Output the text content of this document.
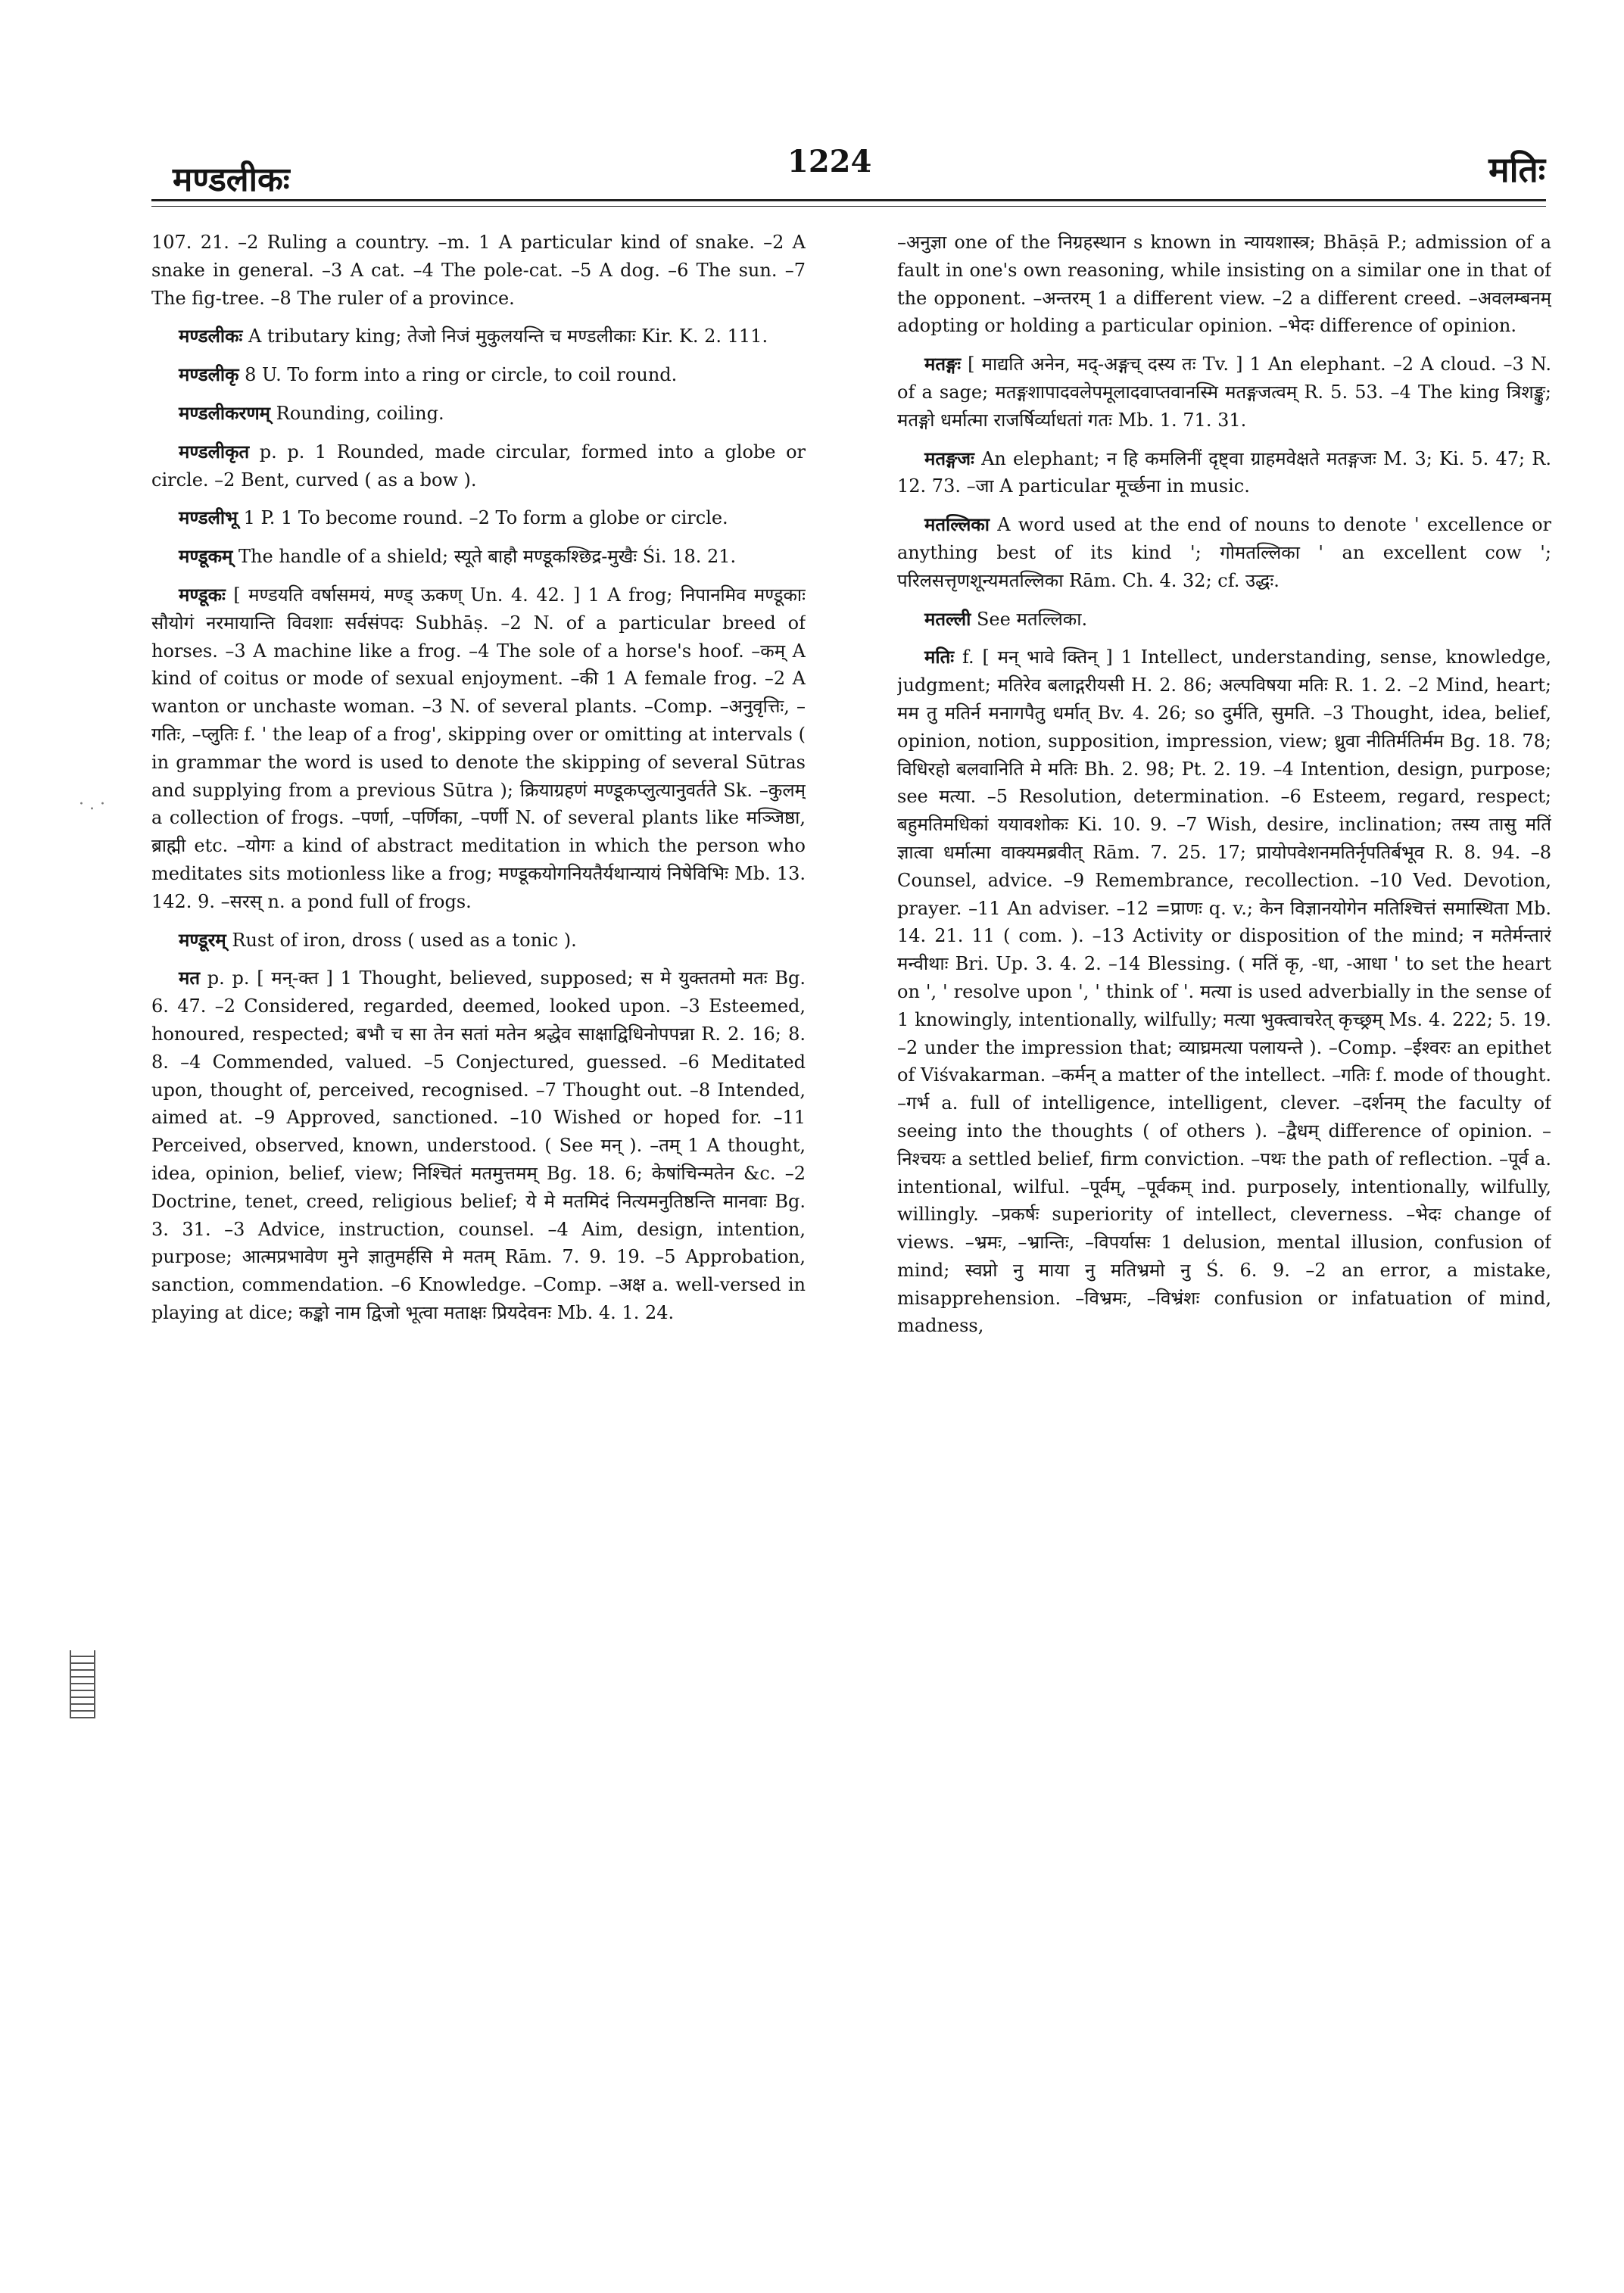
मण्डलीकः	1224	मतिः
· . ·

107. 21. –2 Ruling a country. –m. 1 A particular kind of snake. –2 A snake in general. –3 A cat. –4 The pole-cat. –5 A dog. –6 The sun. –7 The fig-tree. –8 The ruler of a province.

मण्डलीकः A tributary king; तेजो निजं मुकुलयन्ति च मण्डलीकाः Kir. K. 2. 111.

मण्डलीकृ 8 U. To form into a ring or circle, to coil round.

मण्डलीकरणम् Rounding, coiling.

मण्डलीकृत p. p. 1 Rounded, made circular, formed into a globe or circle. –2 Bent, curved ( as a bow ).

मण्डलीभू 1 P. 1 To become round. –2 To form a globe or circle.

मण्डूकम् The handle of a shield; स्यूते बाहौ मण्डूकश्छिद्र-मुखैः Śi. 18. 21.

मण्डूकः [ मण्डयति वर्षासमयं, मण्ड् ऊकण् Un. 4. 42. ] 1 A frog; निपानमिव मण्डूकाः सौयोगं नरमायान्ति विवशाः सर्वसंपदः Subhāṣ. –2 N. of a particular breed of horses. –3 A machine like a frog. –4 The sole of a horse's hoof. –कम् A kind of coitus or mode of sexual enjoyment. –की 1 A female frog. –2 A wanton or unchaste woman. –3 N. of several plants. –Comp. –अनुवृत्तिः, –गतिः, –प्लुतिः f. ' the leap of a frog', skipping over or omitting at intervals ( in grammar the word is used to denote the skipping of several Sūtras and supplying from a previous Sūtra ); क्रियाग्रहणं मण्डूकप्लुत्यानुवर्तते Sk. –कुलम् a collection of frogs. –पर्णा, –पर्णिका, –पर्णी N. of several plants like मञ्जिष्ठा, ब्राह्मी etc. –योगः a kind of abstract meditation in which the person who meditates sits motionless like a frog; मण्डूकयोगनियतैर्यथान्यायं निषेविभिः Mb. 13. 142. 9. –सरस् n. a pond full of frogs.

मण्डूरम् Rust of iron, dross ( used as a tonic ).

मत p. p. [ मन्-क्त ] 1 Thought, believed, supposed; स मे युक्ततमो मतः Bg. 6. 47. –2 Considered, regarded, deemed, looked upon. –3 Esteemed, honoured, respected; बभौ च सा तेन सतां मतेन श्रद्धेव साक्षाद्विधिनोपपन्ना R. 2. 16; 8. 8. –4 Commended, valued. –5 Conjectured, guessed. –6 Meditated upon, thought of, perceived, recognised. –7 Thought out. –8 Intended, aimed at. –9 Approved, sanctioned. –10 Wished or hoped for. –11 Perceived, observed, known, understood. ( See मन् ). –तम् 1 A thought, idea, opinion, belief, view; निश्चितं मतमुत्तमम् Bg. 18. 6; केषांचिन्मतेन &c. –2 Doctrine, tenet, creed, religious belief; ये मे मतमिदं नित्यमनुतिष्ठन्ति मानवाः Bg. 3. 31. –3 Advice, instruction, counsel. –4 Aim, design, intention, purpose; आत्मप्रभावेण मुने ज्ञातुमर्हसि मे मतम् Rām. 7. 9. 19. –5 Approbation, sanction, commendation. –6 Knowledge. –Comp. –अक्ष a. well-versed in playing at dice; कङ्को नाम द्विजो भूत्वा मताक्षः प्रियदेवनः Mb. 4. 1. 24.

–अनुज्ञा one of the निग्रहस्थान s known in न्यायशास्त्र; Bhāṣā P.; admission of a fault in one's own reasoning, while insisting on a similar one in that of the opponent. –अन्तरम् 1 a different view. –2 a different creed. –अवलम्बनम् adopting or holding a particular opinion. –भेदः difference of opinion.

मतङ्गः [ माद्यति अनेन, मद्-अङ्गच् दस्य तः Tv. ] 1 An elephant. –2 A cloud. –3 N. of a sage; मतङ्गशापादवलेपमूलादवाप्तवानस्मि मतङ्गजत्वम् R. 5. 53. –4 The king त्रिशङ्कु; मतङ्गो धर्मात्मा राजर्षिर्व्याधतां गतः Mb. 1. 71. 31.

मतङ्गजः An elephant; न हि कमलिनीं दृष्ट्वा ग्राहमवेक्षते मतङ्गजः M. 3; Ki. 5. 47; R. 12. 73. –जा A particular मूर्च्छना in music.

मतल्लिका A word used at the end of nouns to denote ' excellence or anything best of its kind '; गोमतल्लिका ' an excellent cow '; परिलसत्तृणशून्यमतल्लिका Rām. Ch. 4. 32; cf. उद्धः.

मतल्ली See मतल्लिका.

मतिः f. [ मन् भावे क्तिन् ] 1 Intellect, understanding, sense, knowledge, judgment; मतिरेव बलाद्गरीयसी H. 2. 86; अल्पविषया मतिः R. 1. 2. –2 Mind, heart; मम तु मतिर्न मनागपैतु धर्मात् Bv. 4. 26; so दुर्मति, सुमति. –3 Thought, idea, belief, opinion, notion, supposition, impression, view; ध्रुवा नीतिर्मतिर्मम Bg. 18. 78; विधिरहो बलवानिति मे मतिः Bh. 2. 98; Pt. 2. 19. –4 Intention, design, purpose; see मत्या. –5 Resolution, determination. –6 Esteem, regard, respect; बहुमतिमधिकां ययावशोकः Ki. 10. 9. –7 Wish, desire, inclination; तस्य तासु मतिं ज्ञात्वा धर्मात्मा वाक्यमब्रवीत् Rām. 7. 25. 17; प्रायोपवेशनमतिर्नृपतिर्बभूव R. 8. 94. –8 Counsel, advice. –9 Remembrance, recollection. –10 Ved. Devotion, prayer. –11 An adviser. –12 =प्राणः q. v.; केन विज्ञानयोगेन मतिश्चित्तं समास्थिता Mb. 14. 21. 11 ( com. ). –13 Activity or disposition of the mind; न मतेर्मन्तारं मन्वीथाः Bri. Up. 3. 4. 2. –14 Blessing. ( मतिं कृ, -धा, -आधा ' to set the heart on ', ' resolve upon ', ' think of '. मत्या is used adverbially in the sense of 1 knowingly, intentionally, wilfully; मत्या भुक्त्वाचरेत् कृच्छ्रम् Ms. 4. 222; 5. 19. –2 under the impression that; व्याघ्रमत्या पलायन्ते ). –Comp. –ईश्वरः an epithet of Viśvakarman. –कर्मन् a matter of the intellect. –गतिः f. mode of thought. –गर्भ a. full of intelligence, intelligent, clever. –दर्शनम् the faculty of seeing into the thoughts ( of others ). –द्वैधम् difference of opinion. –निश्चयः a settled belief, firm conviction. –पथः the path of reflection. –पूर्व a. intentional, wilful. –पूर्वम्, –पूर्वकम् ind. purposely, intentionally, wilfully, willingly. –प्रकर्षः superiority of intellect, cleverness. –भेदः change of views. –भ्रमः, –भ्रान्तिः, –विपर्यासः 1 delusion, mental illusion, confusion of mind; स्वप्नो नु माया नु मतिभ्रमो नु Ś. 6. 9. –2 an error, a mistake, misapprehension. –विभ्रमः, –विभ्रंशः confusion or infatuation of mind, madness,
